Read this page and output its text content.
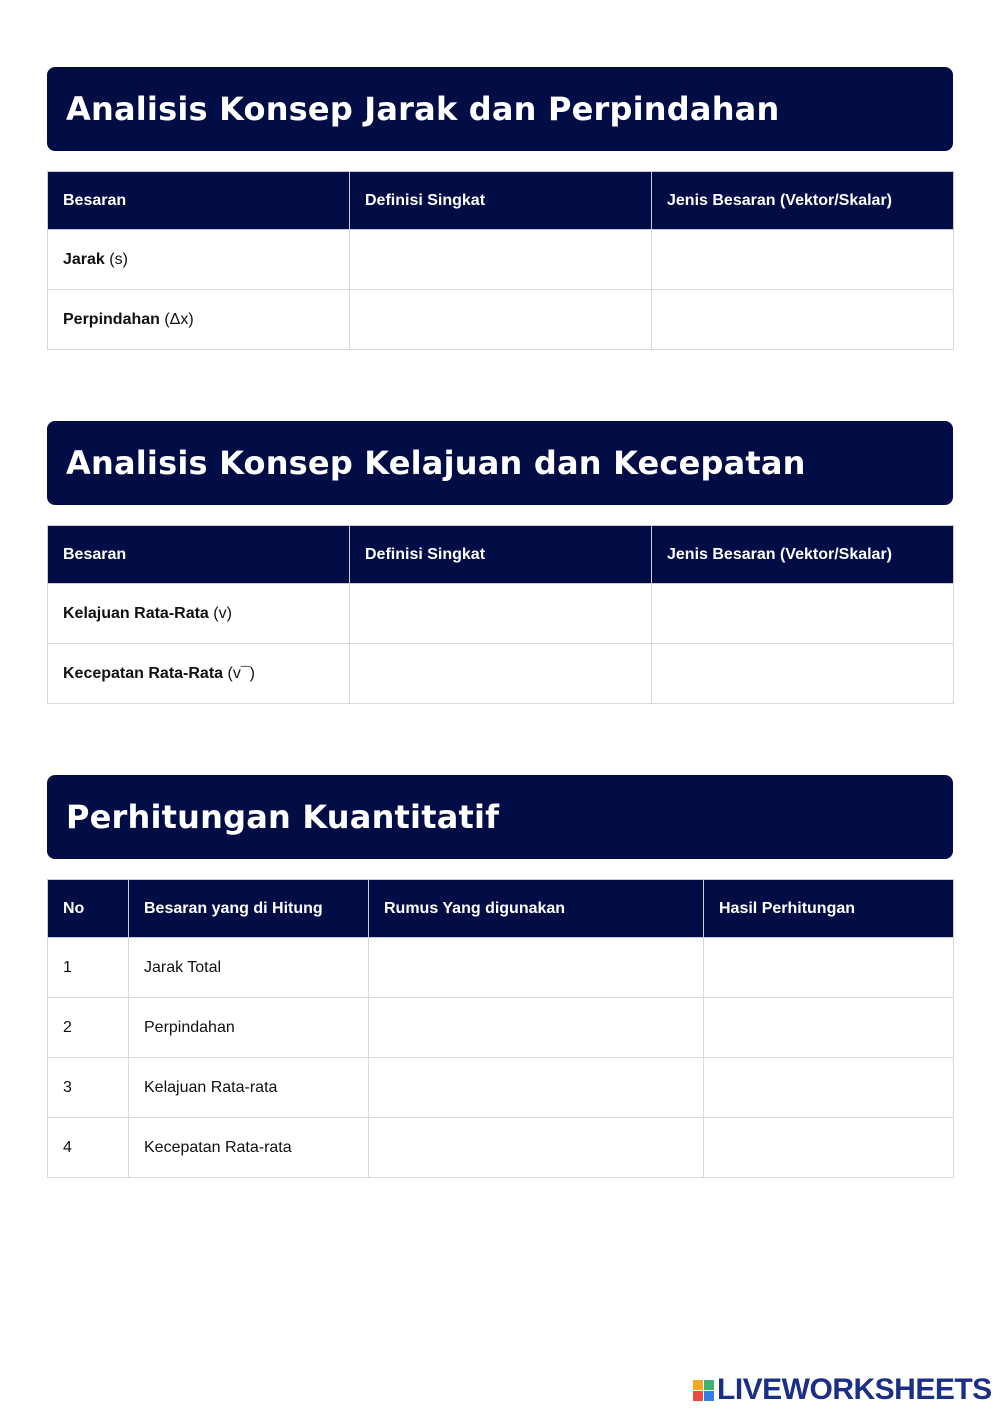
Analisis Konsep Jarak dan Perpindahan
Besaran	Definisi Singkat	Jenis Besaran (Vektor/Skalar)
Jarak (s)		
Perpindahan (Δx)		
Analisis Konsep Kelajuan dan Kecepatan
Besaran	Definisi Singkat	Jenis Besaran (Vektor/Skalar)
Kelajuan Rata-Rata (v)		
Kecepatan Rata-Rata (v¯)		
Perhitungan Kuantitatif
No	Besaran yang di Hitung	Rumus Yang digunakan	Hasil Perhitungan
1	Jarak Total		
2	Perpindahan		
3	Kelajuan Rata-rata		
4	Kecepatan Rata-rata		
LIVEWORKSHEETS
